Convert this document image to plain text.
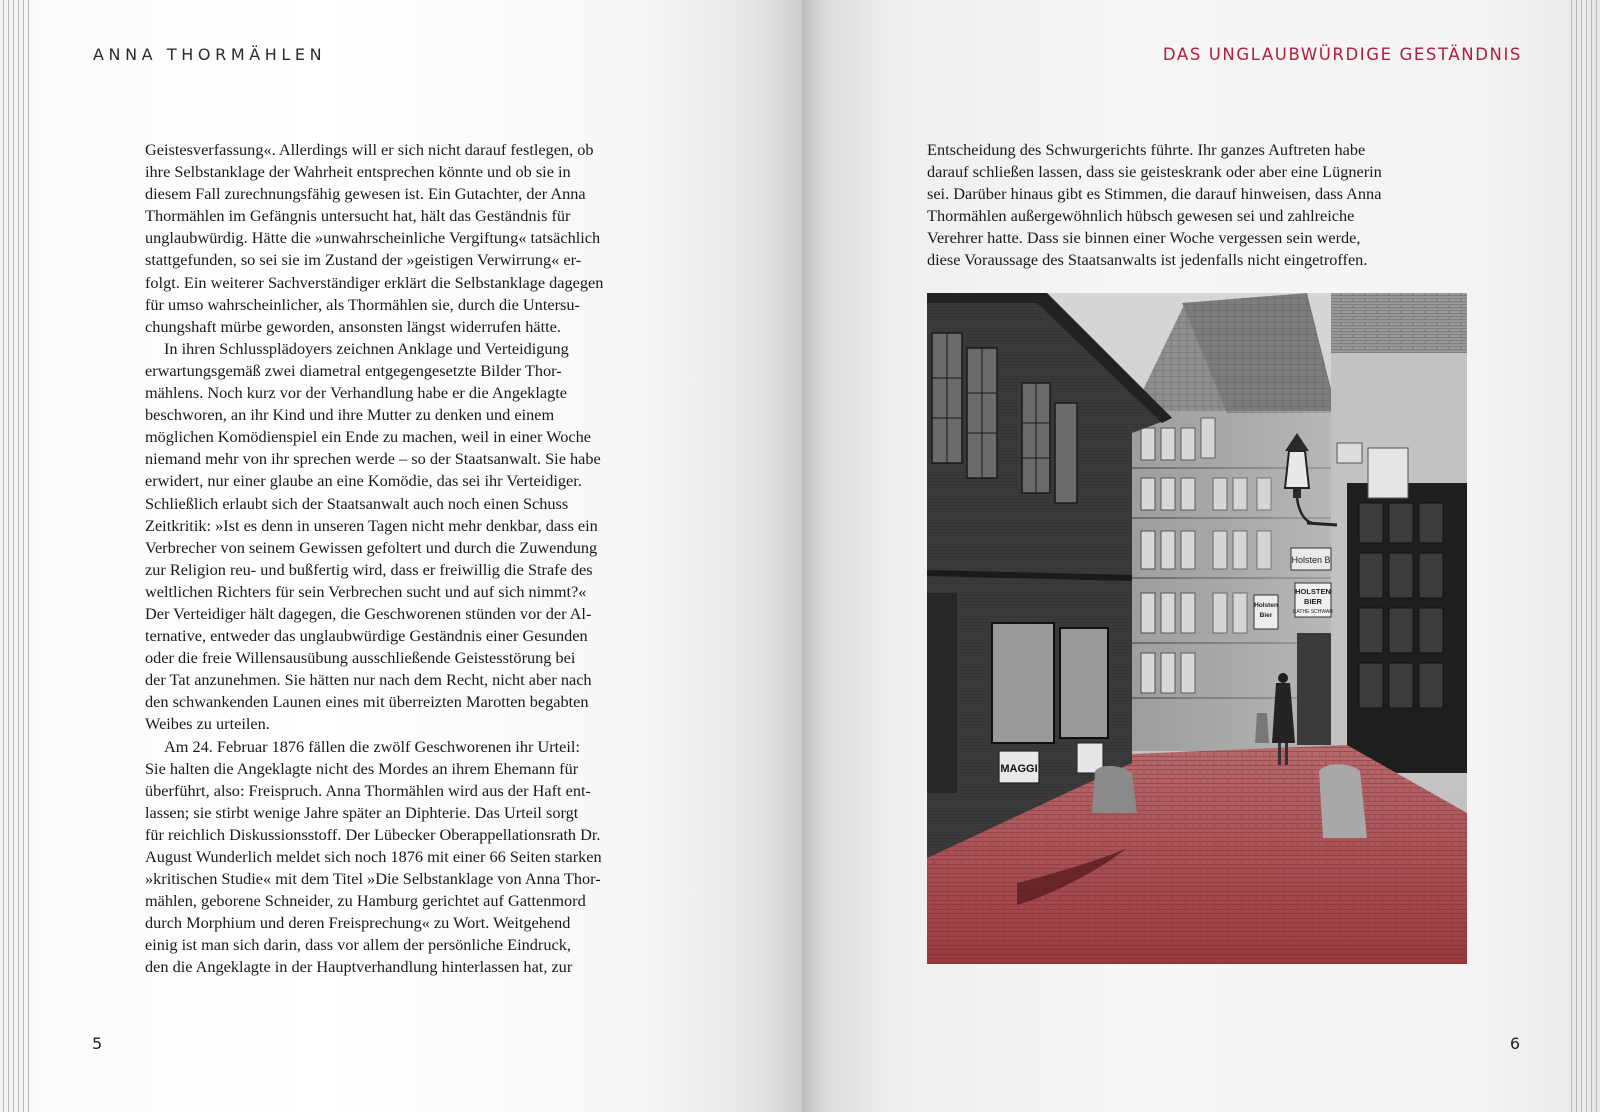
ANNA THORMÄHLEN

Geistesverfassung«. Allerdings will er sich nicht darauf festlegen, ob
ihre Selbstanklage der Wahrheit entsprechen könnte und ob sie in
diesem Fall zurechnungsfähig gewesen ist. Ein Gutachter, der Anna
Thormählen im Gefängnis untersucht hat, hält das Geständnis für
unglaubwürdig. Hätte die »unwahrscheinliche Vergiftung« tatsächlich
stattgefunden, so sei sie im Zustand der »geistigen Verwirrung« er-
folgt. Ein weiterer Sachverständiger erklärt die Selbstanklage dagegen
für umso wahrscheinlicher, als Thormählen sie, durch die Untersu-
chungshaft mürbe geworden, ansonsten längst widerrufen hätte.
In ihren Schlussplädoyers zeichnen Anklage und Verteidigung
erwartungsgemäß zwei diametral entgegengesetzte Bilder Thor-
mählens. Noch kurz vor der Verhandlung habe er die Angeklagte
beschworen, an ihr Kind und ihre Mutter zu denken und einem
möglichen Komödienspiel ein Ende zu machen, weil in einer Woche
niemand mehr von ihr sprechen werde – so der Staatsanwalt. Sie habe
erwidert, nur einer glaube an eine Komödie, das sei ihr Verteidiger.
Schließlich erlaubt sich der Staatsanwalt auch noch einen Schuss
Zeitkritik: »Ist es denn in unseren Tagen nicht mehr denkbar, dass ein
Verbrecher von seinem Gewissen gefoltert und durch die Zuwendung
zur Religion reu- und bußfertig wird, dass er freiwillig die Strafe des
weltlichen Richters für sein Verbrechen sucht und auf sich nimmt?«
Der Verteidiger hält dagegen, die Geschworenen stünden vor der Al-
ternative, entweder das unglaubwürdige Geständnis einer Gesunden
oder die freie Willensausübung ausschließende Geistesstörung bei
der Tat anzunehmen. Sie hätten nur nach dem Recht, nicht aber nach
den schwankenden Launen eines mit überreizten Marotten begabten
Weibes zu urteilen.
Am 24. Februar 1876 fällen die zwölf Geschworenen ihr Urteil:
Sie halten die Angeklagte nicht des Mordes an ihrem Ehemann für
überführt, also: Freispruch. Anna Thormählen wird aus der Haft ent-
lassen; sie stirbt wenige Jahre später an Diphterie. Das Urteil sorgt
für reichlich Diskussionsstoff. Der Lübecker Oberappellationsrath Dr.
August Wunderlich meldet sich noch 1876 mit einer 66 Seiten starken
»kritischen Studie« mit dem Titel »Die Selbstanklage von Anna Thor-
mählen, geborene Schneider, zu Hamburg gerichtet auf Gattenmord
durch Morphium und deren Freisprechung« zu Wort. Weitgehend
einig ist man sich darin, dass vor allem der persönliche Eindruck,
den die Angeklagte in der Hauptverhandlung hinterlassen hat, zur

5

DAS UNGLAUBWÜRDIGE GESTÄNDNIS

Entscheidung des Schwurgerichts führte. Ihr ganzes Auftreten habe
darauf schließen lassen, dass sie geisteskrank oder aber eine Lügnerin
sei. Darüber hinaus gibt es Stimmen, die darauf hinweisen, dass Anna
Thormählen außergewöhnlich hübsch gewesen sei und zahlreiche
Verehrer hatte. Dass sie binnen einer Woche vergessen sein werde,
diese Voraussage des Staatsanwalts ist jedenfalls nicht eingetroffen.
MAGGI
Holsten B
HOLSTEN
BIER
KATHE SCHWAR
Holsten
Bier

6
